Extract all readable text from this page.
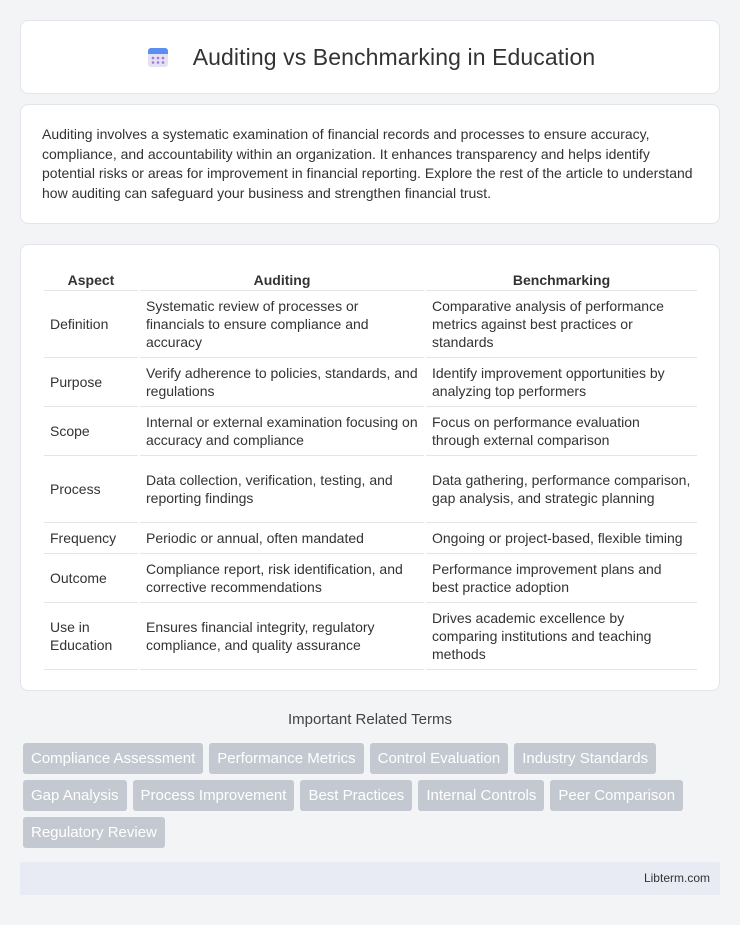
Auditing vs Benchmarking in Education

Auditing involves a systematic examination of financial records and processes to ensure accuracy, compliance, and accountability within an organization. It enhances transparency and helps identify potential risks or areas for improvement in financial reporting. Explore the rest of the article to understand how auditing can safeguard your business and strengthen financial trust.

Aspect	Auditing	Benchmarking
Definition	Systematic review of processes or financials to ensure compliance and accuracy	Comparative analysis of performance metrics against best practices or standards
Purpose	Verify adherence to policies, standards, and regulations	Identify improvement opportunities by analyzing top performers
Scope	Internal or external examination focusing on accuracy and compliance	Focus on performance evaluation through external comparison
Process	Data collection, verification, testing, and reporting findings	Data gathering, performance comparison, gap analysis, and strategic planning
Frequency	Periodic or annual, often mandated	Ongoing or project-based, flexible timing
Outcome	Compliance report, risk identification, and corrective recommendations	Performance improvement plans and best practice adoption
Use in Education	Ensures financial integrity, regulatory compliance, and quality assurance	Drives academic excellence by comparing institutions and teaching methods
Important Related Terms
Compliance Assessment	Performance Metrics	Control Evaluation	Industry Standards
Gap Analysis	Process Improvement	Best Practices	Internal Controls	Peer Comparison
Regulatory Review
Libterm.com
